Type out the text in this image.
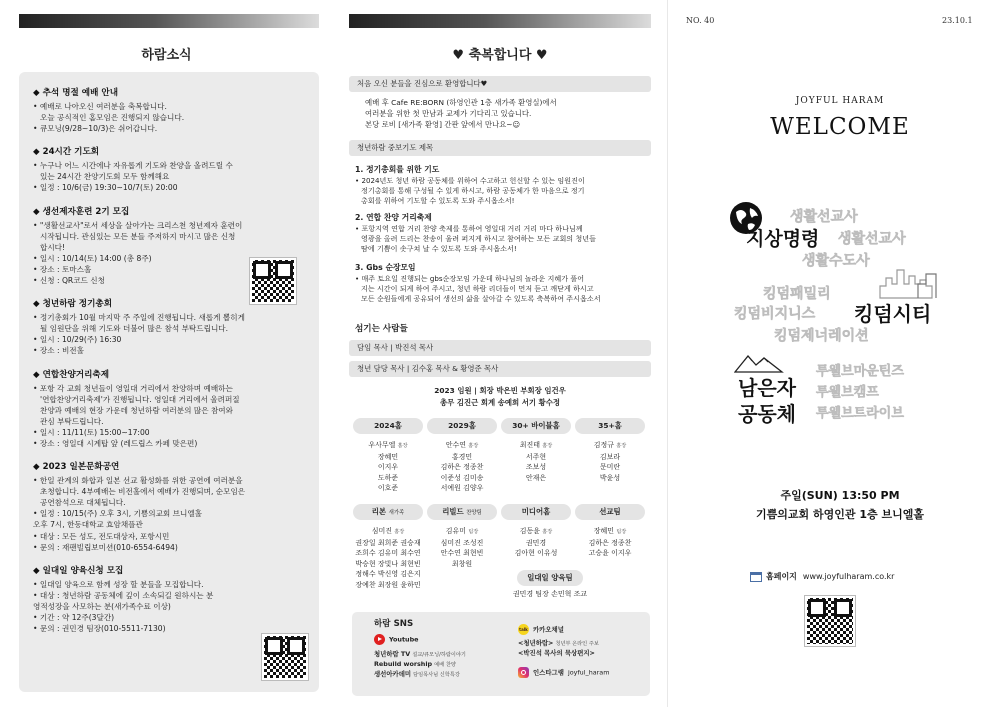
하람소식
◆ 추석 명절 예배 안내
• 예배로 나아오신 여러분을 축복합니다.
오늘 공식적인 홈모임은 진행되지 않습니다.
• 큐모닝(9/28~10/3)은 쉬어갑니다.
◆ 24시간 기도회
• 누구나 어느 시간에나 자유롭게 기도와 찬양을 올려드릴 수
있는 24시간 찬양기도회 모두 함께해요
• 일정 : 10/6(금) 19:30~10/7(토) 20:00
◆ 생선제자훈련 2기 모집
• "생활선교사"로서 세상을 살아가는 크리스천 청년제자 훈련이
시작됩니다. 관심있는 모든 분들 주저하지 마시고 많은 신청
합시다!
• 일시 : 10/14(토) 14:00 (총 8주)
• 장소 : 토마스홀
• 신청 : QR코드 신청
◆ 청년하람 정기총회
• 정기총회가 10월 마지막 주 주일에 진행됩니다. 새롭게 뽑히게
될 임원단을 위해 기도와 더불어 많은 참석 부탁드립니다.
• 일시 : 10/29(주) 16:30
• 장소 : 비전홀
◆ 연합찬양거리축제
• 포항 각 교회 청년들이 영일대 거리에서 찬양하며 예배하는
'연합찬양거리축제'가 진행됩니다. 영일대 거리에서 울려퍼질
찬양과 예배의 현장 가운데 청년하람 여러분의 많은 참여와
관심 부탁드립니다.
• 일시 : 11/11(토) 15:00~17:00
• 장소 : 영일대 시계탑 앞 (레드립스 카페 맞은편)
◆ 2023 일본문화공연
• 한일 관계의 화합과 일본 선교 활성화를 위한 공연에 여러분을
초청합니다. 4부예배는 비전홀에서 예배가 진행되며, 순모임은
공연참석으로 대체됩니다.
• 일정 : 10/15(주) 오후 3시, 기쁨의교회 브니엘홀
오후 7시, 한동대학교 효암채플관
• 대상 : 모든 성도, 전도대상자, 포항시민
• 문의 : 재팬빌립보미션(010-6554-6494)
◆ 일대일 양육신청 모집
• 일대일 양육으로 함께 성장 할 분들을 모집합니다.
• 대상 : 청년하람 공동체에 깊이 소속되길 원하시는 분
영적성장을 사모하는 분(새가족수료 이상)
• 기간 : 약 12주(3달간)
• 문의 : 권민경 팀장(010-5511-7130)
♥ 축복합니다 ♥
처음 오신 분들을 진심으로 환영합니다♥
예배 후 Cafe RE:BORN (하영인관 1층 새가족 환영실)에서
여러분을 위한 첫 만남과 교제가 기다리고 있습니다.
본당 로비 [새가족 환영] 간판 앞에서 만나요~☺
청년하람 중보기도 제목
1. 정기총회를 위한 기도
• 2024년도 청년 하람 공동체를 위하여 수고하고 헌신할 수 있는 임원진이
정기총회를 통해 구성될 수 있게 하시고, 하람 공동체가 한 마음으로 정기
총회를 위하여 기도할 수 있도록 도와 주시옵소서!
2. 연합 찬양 거리축제
• 포항지역 연합 거리 찬양 축제를 통하여 영일대 거리 거리 마다 하나님께
영광을 올려 드리는 찬송이 울려 퍼지게 하시고 참여하는 모든 교회의 청년들
땀에 기쁨이 솟구쳐 날 수 있도록 도와 주시옵소서!
3. Gbs 순장모임
• 매주 토요일 진행되는 gbs순장모임 가운데 하나님의 놀라운 지혜가 풀어
지는 시간이 되게 하여 주시고, 청년 하람 리더들이 먼저 듣고 깨닫게 하시고
모든 순원들에게 공유되어 생선의 삶을 살아갈 수 있도록 축복하여 주시옵소서
섬기는 사람들
담임 목사 | 박진석 목사
청년 담당 목사 | 김수홍 목사 & 황영준 목사
2023 임원 | 회장 박은빈 부회장 임건우
총무 김진근 회계 송예희 서기 황수정
2024홈
우사무엘 홈장
장혜민
이지우
도하준
이호준
2029홈
안수연 홈장
홍경민
김하은 정종찬
이준성 김미송
서예원 김양우
30+ 바이블홈
최진태 홈장
서주현
조보성
안재은
35+홈
김정규 홈장
김보라
문미란
박윤성
리본 새가족
심미진 홈장
권장일 최희준 권승재
조희수 김유미 최수연
박승현 장빛나 최현빈
정해수 박신영 김은지
장예찬 최장원 윤하민
리빌드 찬양팀
김유미 팀장
심미진 조성진
안수연 최현빈
최창원
미디어홈
김동윤 홈장
권민경
김아현 이유성
선교팀
장혜민 팀장
김하은 정종찬
고승윤 이지우
일대일 양육팀
권민경 팀장 손민혁 조교
하람 SNS
Youtube
청년하람 TV 설교/큐모닝/하람이야기
Rebuild worship 예배 찬양
생선아카데미 담임목사님 신학특강
talk 카카오채널
<청년하람> 청년부 온라인 주보
<박진석 목사의 묵상편지>
인스타그램 joyful_haram
NO. 40	23.10.1
JOYFUL HARAM
WELCOME
생활선교사
지상명령 생활선교사
생활수도사
킹덤패밀리
킹덤비지니스 킹덤시티
킹덤제너레이션
남은자
공동체
투웰브마운틴즈
투웰브캠프
투웰브트라이브
주일(SUN) 13:50 PM
기쁨의교회 하영인관 1층 브니엘홀
홈페이지 www.joyfulharam.co.kr
